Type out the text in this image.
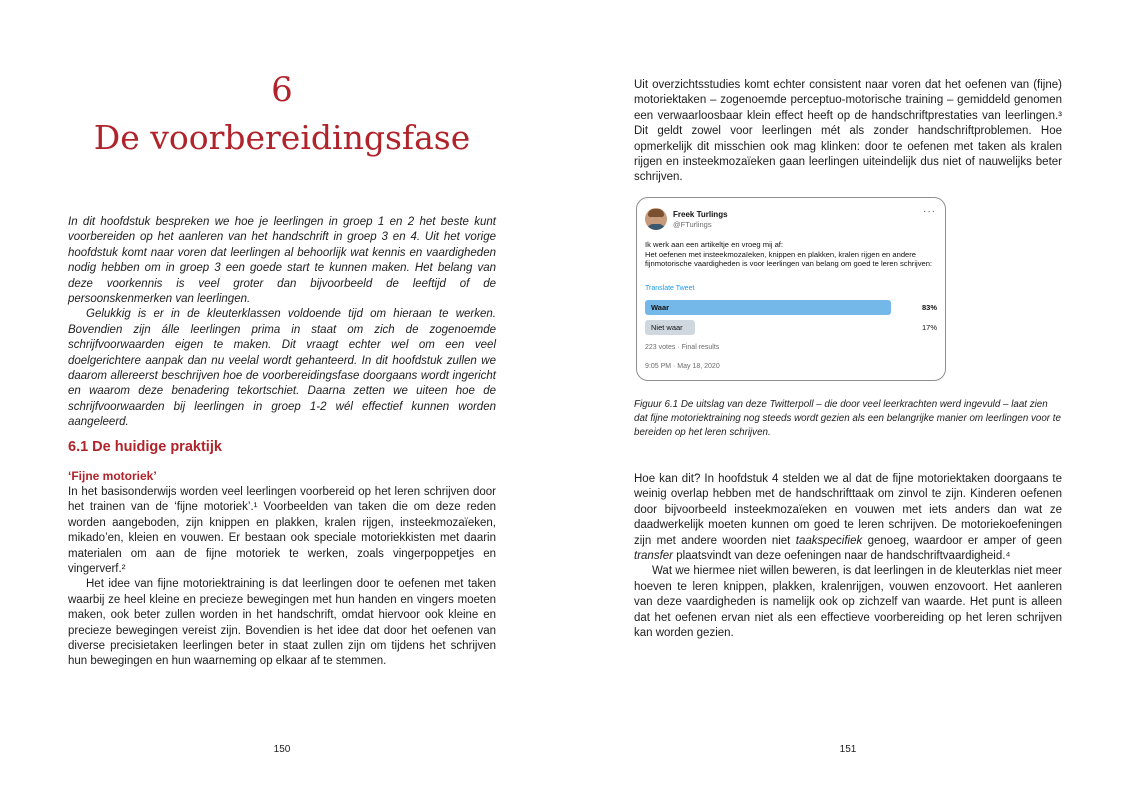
6
De voorbereidingsfase

In dit hoofdstuk bespreken we hoe je leerlingen in groep 1 en 2 het beste kunt voorbereiden op het aanleren van het handschrift in groep 3 en 4. Uit het vorige hoofdstuk komt naar voren dat leerlingen al behoorlijk wat kennis en vaardigheden nodig hebben om in groep 3 een goede start te kunnen maken. Het belang van deze voorkennis is veel groter dan bijvoorbeeld de leeftijd of de persoonskenmerken van leerlingen.

Gelukkig is er in de kleuterklassen voldoende tijd om hieraan te werken. Bovendien zijn álle leerlingen prima in staat om zich de zogenoemde schrijfvoorwaarden eigen te maken. Dit vraagt echter wel om een veel doelgerichtere aanpak dan nu veelal wordt gehanteerd. In dit hoofdstuk zullen we daarom allereerst beschrijven hoe de voorbereidingsfase doorgaans wordt ingericht en waarom deze benadering tekortschiet. Daarna zetten we uiteen hoe de schrijfvoorwaarden bij leerlingen in groep 1-2 wél effectief kunnen worden aangeleerd.

6.1 De huidige praktijk
‘Fijne motoriek’

In het basisonderwijs worden veel leerlingen voorbereid op het leren schrijven door het trainen van de ‘fijne motoriek’.¹ Voorbeelden van taken die om deze reden worden aangeboden, zijn knippen en plakken, kralen rijgen, insteekmozaïeken, mikado’en, kleien en vouwen. Er bestaan ook speciale motoriekkisten met daarin materialen om aan de fijne motoriek te werken, zoals vingerpoppetjes en vingerverf.²

Het idee van fijne motoriektraining is dat leerlingen door te oefenen met taken waarbij ze heel kleine en precieze bewegingen met hun handen en vingers moeten maken, ook beter zullen worden in het handschrift, omdat hiervoor ook kleine en precieze bewegingen vereist zijn. Bovendien is het idee dat door het oefenen van diverse precisietaken leerlingen beter in staat zullen zijn om tijdens het schrijven hun bewegingen en hun waarneming op elkaar af te stemmen.

150

Uit overzichtsstudies komt echter consistent naar voren dat het oefenen van (fijne) motoriektaken – zogenoemde perceptuo-motorische training – gemiddeld genomen een verwaarloosbaar klein effect heeft op de handschriftprestaties van leerlingen.³ Dit geldt zowel voor leerlingen mét als zonder handschriftproblemen. Hoe opmerkelijk dit misschien ook mag klinken: door te oefenen met taken als kralen rijgen en insteekmozaïeken gaan leerlingen uiteindelijk dus niet of nauwelijks beter schrijven.

Freek Turlings
@FTurlings
···

Ik werk aan een artikeltje en vroeg mij af:
Het oefenen met insteekmozaïeken, knippen en plakken, kralen rijgen en andere fijnmotorische vaardigheden is voor leerlingen van belang om goed te leren schrijven:

Translate Tweet
Waar	83%
Niet waar	17%
223 votes · Final results
9:05 PM · May 18, 2020

Figuur 6.1 De uitslag van deze Twitterpoll – die door veel leerkrachten werd ingevuld – laat zien dat fijne motoriektraining nog steeds wordt gezien als een belangrijke manier om leerlingen voor te bereiden op het leren schrijven.

Hoe kan dit? In hoofdstuk 4 stelden we al dat de fijne motoriektaken doorgaans te weinig overlap hebben met de handschrifttaak om zinvol te zijn. Kinderen oefenen door bijvoorbeeld insteekmozaïeken en vouwen met iets anders dan wat ze daadwerkelijk moeten kunnen om goed te leren schrijven. De motoriekoefeningen zijn met andere woorden niet taakspecifiek genoeg, waardoor er amper of geen transfer plaatsvindt van deze oefeningen naar de handschriftvaardigheid.⁴

Wat we hiermee niet willen beweren, is dat leerlingen in de kleuterklas niet meer hoeven te leren knippen, plakken, kralenrijgen, vouwen enzovoort. Het aanleren van deze vaardigheden is namelijk ook op zichzelf van waarde. Het punt is alleen dat het oefenen ervan niet als een effectieve voorbereiding op het leren schrijven kan worden gezien.

151
